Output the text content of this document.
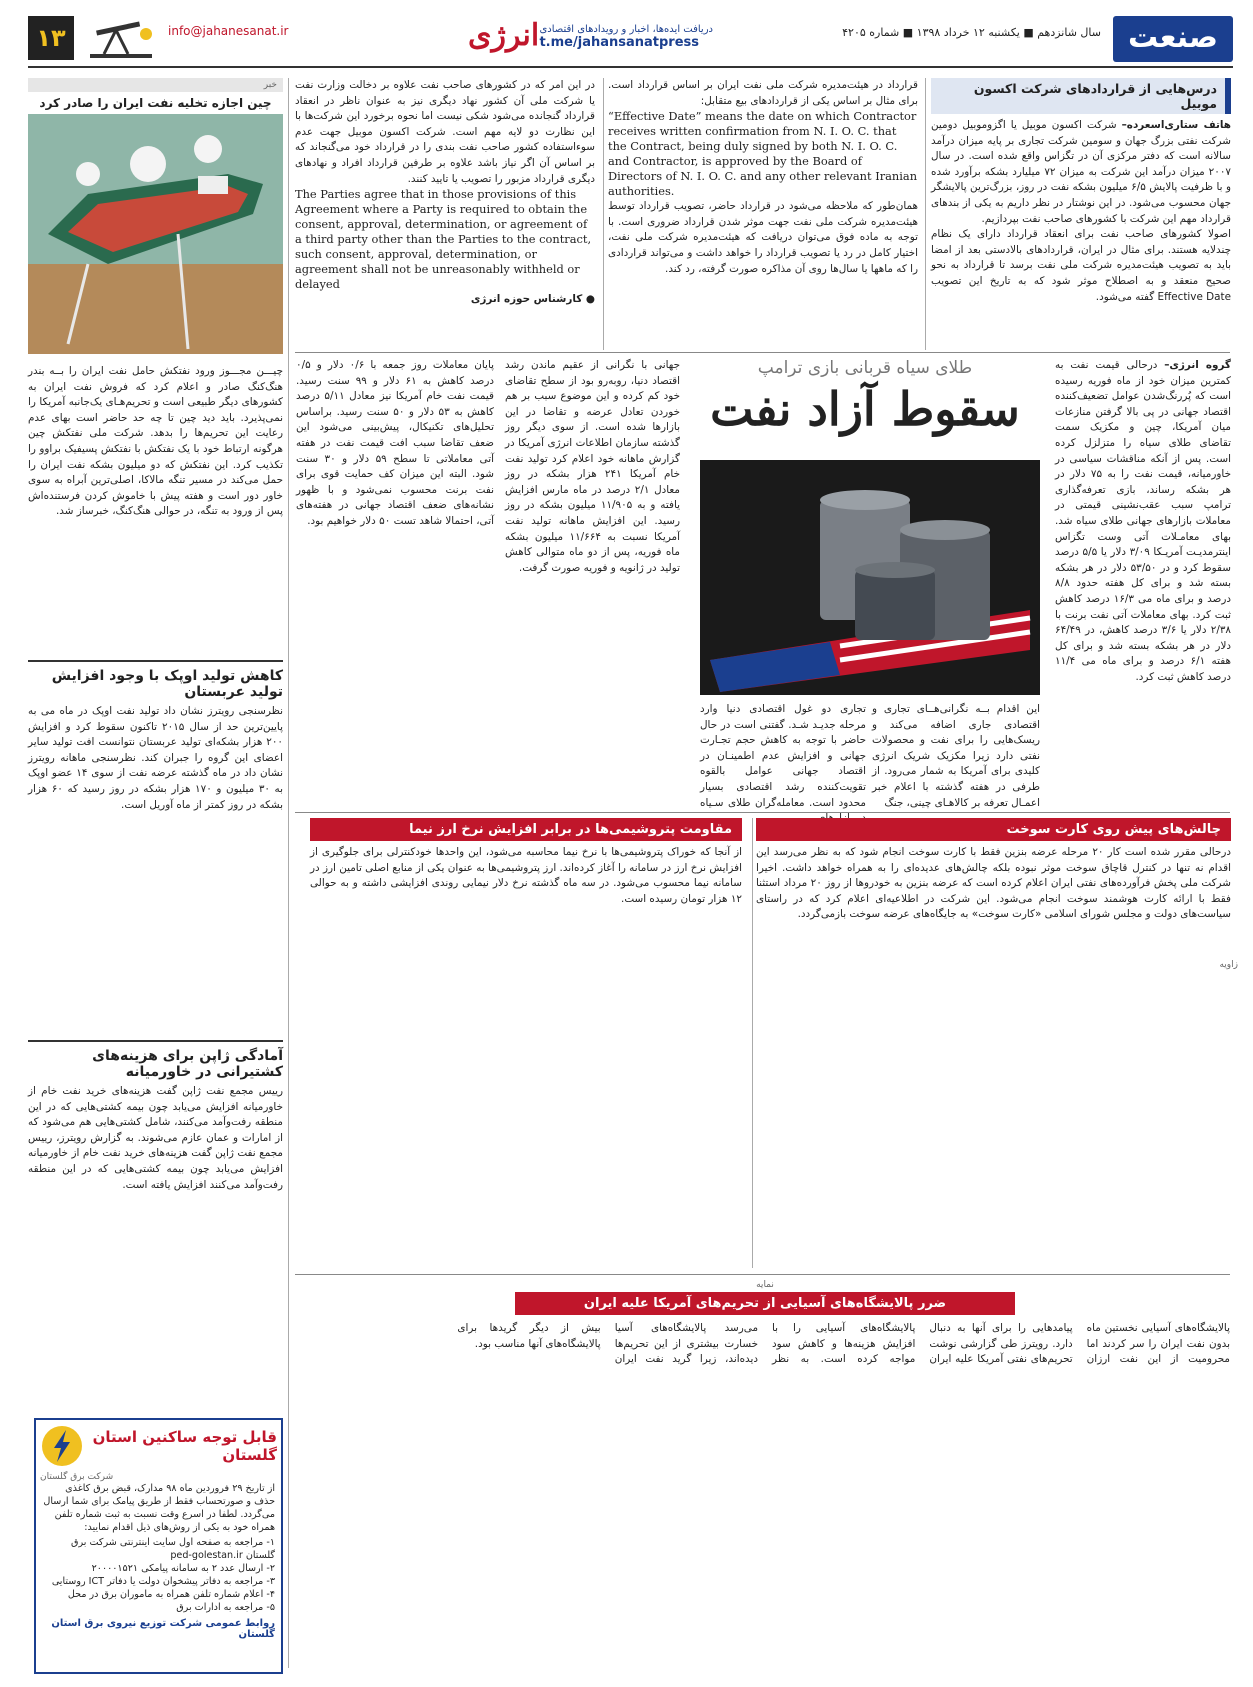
صنعت
سال شانزدهم ■ یکشنبه ۱۲ خرداد ۱۳۹۸ ■ شماره ۴۲۰۵
دریافت ایده‌ها، اخبار و رویدادهای اقتصادی
t.me/jahansanatpress
انرژی
info@jahanesanat.ir
۱۳
درس‌هایی از قراردادهای شرکت اکسون موبیل
هاتف ستاری‌اسعرده– شرکت اکسون موبیل یا اگزوموبیل دومین شرکت نفتی بزرگ جهان و سومین شرکت تجاری بر پایه میزان درآمد سالانه است که دفتر مرکزی آن در تگزاس واقع شده است. در سال ۲۰۰۷ میزان درآمد این شرکت به میزان ۷۲ میلیارد بشکه برآورد شده و با ظرفیت پالایش ۶/۵ میلیون بشکه نفت در روز، بزرگ‌ترین پالایشگر جهان محسوب می‌شود. در این نوشتار در نظر داریم به یکی از بندهای قرارداد مهم این شرکت با کشورهای صاحب نفت بپردازیم.
اصولا کشورهای صاحب نفت برای انعقاد قرارداد دارای یک نظام چندلایه هستند. برای مثال در ایران، قراردادهای بالادستی بعد از امضا باید به تصویب هیئت‌مدیره شرکت ملی نفت برسد تا قرارداد به نحو صحیح منعقد و به اصطلاح موثر شود که به تاریخ این تصویب Effective Date گفته می‌شود.
قرارداد در هیئت‌مدیره شرکت ملی نفت ایران بر اساس قرارداد است. برای مثال بر اساس یکی از قراردادهای بیع متقابل:
“Effective Date” means the date on which Contractor receives written confirmation from N. I. O. C. that the Contract, being duly signed by both N. I. O. C. and Contractor, is approved by the Board of Directors of N. I. O. C. and any other relevant Iranian authorities.
همان‌طور که ملاحظه می‌شود در قرارداد حاضر، تصویب قرارداد توسط هیئت‌مدیره شرکت ملی نفت جهت موثر شدن قرارداد ضروری است. با توجه به ماده فوق می‌توان دریافت که هیئت‌مدیره شرکت ملی نفت، اختیار کامل در رد یا تصویب قرارداد را خواهد داشت و می‌تواند قراردادی را که ماهها یا سال‌ها روی آن مذاکره صورت گرفته، رد کند.
در این امر که در کشورهای صاحب نفت علاوه بر دخالت وزارت نفت یا شرکت ملی آن کشور نهاد دیگری نیز به عنوان ناظر در انعقاد قرارداد گنجانده می‌شود شکی نیست اما نحوه برخورد این شرکت‌ها با این نظارت دو لایه مهم است. شرکت اکسون موبیل جهت عدم سوءاستفاده کشور صاحب نفت بندی را در قرارداد خود می‌گنجاند که بر اساس آن اگر نیاز باشد علاوه بر طرفین قرارداد افراد و نهادهای دیگری قرارداد مزبور را تصویب یا تایید کنند.
The Parties agree that in those provisions of this Agreement where a Party is required to obtain the consent, approval, determination, or agreement of a third party other than the Parties to the contract, such consent, approval, determination, or agreement shall not be unreasonably withheld or delayed
● کارشناس حوزه انرژی
خبر
چین اجازه تخلیه نفت ایران را صادر کرد
چیـــن مجـــوز ورود نفتکش حامل نفت ایران را بــه بندر هنگ‌کنگ صادر و اعلام کرد که فروش نفت ایران به کشورهای دیگر طبیعی است و تحریم‌هـای یک‌جانبه آمریکا را نمی‌پذیرد. باید دید چین تا چه حد حاضر است بهای عدم رعایت این تحریم‌ها را بدهد. شرکت ملی نفتکش چین هرگونه ارتباط خود با یک نفتکش با نفتکش پسیفیک براوو را تکذیب کرد. این نفتکش که دو میلیون بشکه نفت ایران را حمل می‌کند در مسیر تنگه مالاکا، اصلی‌ترین آبراه به سوی خاور دور است و هفته پیش با خاموش کردن فرستنده‌اش پس از ورود به تنگه، در حوالی هنگ‌کنگ، خبرساز شد.
کاهش تولید اوپک با وجود افزایش تولید عربستان
نظرسنجی رویترز نشان داد تولید نفت اوپک در ماه می به پایین‌ترین حد از سال ۲۰۱۵ تاکنون سقوط کرد و افزایش ۲۰۰ هزار بشکه‌ای تولید عربستان نتوانست افت تولید سایر اعضای این گروه را جبران کند. نظرسنجی ماهانه رویترز نشان داد در ماه گذشته عرضه نفت از سوی ۱۴ عضو اوپک به ۳۰ میلیون و ۱۷۰ هزار بشکه در روز رسید که ۶۰ هزار بشکه در روز کمتر از ماه آوریل است.
آمادگی ژاپن برای هزینه‌های کشتیرانی در خاورمیانه
رییس مجمع نفت ژاپن گفت هزینه‌های خرید نفت خام از خاورمیانه افزایش می‌یابد چون بیمه کشتی‌هایی که در این منطقه رفت‌وآمد می‌کنند، شامل کشتی‌هایی هم می‌شود که از امارات و عمان عازم می‌شوند. به گزارش رویترز، رییس مجمع نفت ژاپن گفت هزینه‌های خرید نفت خام از خاورمیانه افزایش می‌یابد چون بیمه کشتی‌هایی که در این منطقه رفت‌وآمد می‌کنند افزایش یافته است.
قابل توجه ساکنین استان گلستان
شرکت برق گلستان
از تاریخ ۲۹ فروردین ماه ۹۸ مدارک، قبض برق کاغذی حذف و صورتحساب فقط از طریق پیامک برای شما ارسال می‌گردد. لطفا در اسرع وقت نسبت به ثبت شماره تلفن همراه خود به یکی از روش‌های ذیل اقدام نمایید:
۱- مراجعه به صفحه اول سایت اینترنتی شرکت برق گلستان ped-golestan.ir
۲- ارسال عدد ۲ به سامانه پیامکی ۲۰۰۰۰۱۵۲۱
۳- مراجعه به دفاتر پیشخوان دولت یا دفاتر ICT روستایی
۴- اعلام شماره تلفن همراه به ماموران برق در محل
۵- مراجعه به ادارات برق
روابط عمومی شرکت توزیع نیروی برق استان گلستان
طلای سیاه قربانی بازی ترامپ
سقوط آزاد نفت
گروه انرژی– درحالی قیمت نفت به کمترین میزان خود از ماه فوریه رسیده است که پُررنگ‌شدن عوامل تضعیف‌کننده اقتصاد جهانی در پی بالا گرفتن منازعات میان آمریکا، چین و مکزیک سمت تقاضای طلای سیاه را متزلزل کرده است. پس از آنکه مناقشات سیاسی در خاورمیانه، قیمت نفت را به ۷۵ دلار در هر بشکه رساند، بازی تعرفه‌گذاری ترامپ سبب عقب‌نشینی قیمتی در معاملات بازارهای جهانی طلای سیاه شد. بهای معامـلات آتی وست تگزاس اینترمدیـت آمریـکا ۳/۰۹ دلار یا ۵/۵ درصد سقوط کرد و در ۵۳/۵۰ دلار در هر بشکه بسته شد و برای کل هفته حدود ۸/۸ درصد و برای ماه می ۱۶/۳ درصد کاهش ثبت کرد. بهای معاملات آتی نفت برنت با ۲/۳۸ دلار یا ۳/۶ درصد کاهش، در ۶۴/۴۹ دلار در هر بشکه بسته شد و برای کل هفته ۶/۱ درصد و برای ماه می ۱۱/۴ درصد کاهش ثبت کرد.
جهانی با نگرانی از عقیم ماندن رشد اقتصاد دنیا، روبه‌رو بود از سطح تقاضای خود کم کرده و این موضوع سبب بر هم خوردن تعادل عرضه و تقاضا در این بازارها شده است. از سوی دیگر روز گذشته سازمان اطلاعات انرژی آمریکا در گزارش ماهانه خود اعلام کرد تولید نفت خام آمریکا ۲۴۱ هزار بشکه در روز معادل ۲/۱ درصد در ماه مارس افزایش یافته و به ۱۱/۹۰۵ میلیون بشکه در روز رسید. این افزایش ماهانه تولید نفت آمریکا نسبت به ۱۱/۶۶۴ میلیون بشکه ماه فوریه، پس از دو ماه متوالی کاهش تولید در ژانویه و فوریه صورت گرفت.
پایان معاملات روز جمعه با ۰/۶ دلار و ۰/۵ درصد کاهش به ۶۱ دلار و ۹۹ سنت رسید. قیمت نفت خام آمریکا نیز معادل ۵/۱۱ درصد کاهش به ۵۳ دلار و ۵۰ سنت رسید. براساس تحلیل‌های تکنیکال، پیش‌بینی می‌شود این ضعف تقاضا سبب افت قیمت نفت در هفته آتی معاملاتی تا سطح ۵۹ دلار و ۳۰ سنت شود. البته این میزان کف حمایت قوی برای نفت برنت محسوب نمی‌شود و با ظهور نشانه‌های ضعف اقتصاد جهانی در هفته‌های آتی، احتمالا شاهد تست ۵۰ دلار خواهیم بود.
این اقدام بــه نگرانی‌هــای تجاری و اقتصادی جاری اضافه می‌کند و ریسک‌هایی را برای نفت و محصولات نفتی دارد زیرا مکزیک شریک انرژی کلیدی برای آمریکا به شمار می‌رود. از طرفی در هفته گذشته با اعلام خبر اعمـال تعرفه بر کالاهـای چینی، جنگ
تجاری دو غول اقتصادی دنیا وارد مرحله جدیـد شـد. گفتنی است در حال حاضر با توجه به کاهش حجم تجـارت جهانی و افزایش عدم اطمینـان در اقتصاد جهانی عوامل بالقوه تقویت‌کننده رشد اقتصادی بسیار محدود است. معامله‌گران طلای سـیاه
چالش‌های پیش روی کارت سوخت
درحالی مقرر شده است کار ۲۰ مرحله عرضه بنزین فقط با کارت سوخت انجام شود که به نظر می‌رسد این اقدام نه تنها در کنترل قاچاق سوخت موثر نبوده بلکه چالش‌های عدیده‌ای را به همراه خواهد داشت. اخیرا شرکت ملی پخش فرآورده‌های نفتی ایران اعلام کرده است که عرضه بنزین به خودروها از روز ۲۰ مرداد استثنا فقط با ارائه کارت هوشمند سوخت انجام می‌شود. این شرکت در اطلاعیه‌ای اعلام کرد که در راستای سیاست‌های دولت و مجلس شورای اسلامی «کارت سوخت» به جایگاه‌های عرضه سوخت بازمی‌گردد.
زاویه
مقاومت پتروشیمی‌ها در برابر افزایش نرخ ارز نیما
از آنجا که خوراک پتروشیمی‌ها با نرخ نیما محاسبه می‌شود، این واحدها خودکنترلی برای جلوگیری از افزایش نرخ ارز در سامانه را آغاز کرده‌اند. ارز پتروشیمی‌ها به عنوان یکی از منابع اصلی تامین ارز در سامانه نیما محسوب می‌شود. در سه ماه گذشته نرخ دلار نیمایی روندی افزایشی داشته و به حوالی ۱۲ هزار تومان رسیده است.
نمایه
ضرر پالایشگاه‌های آسیایی از تحریم‌های آمریکا علیه ایران
پالایشگاه‌های آسیایی نخستین ماه بدون نفت ایران را سر کردند اما محرومیت از این نفت ارزان پیامدهایی را برای آنها به دنبال دارد. رویترز طی گزارشی نوشت تحریم‌های نفتی آمریکا علیه ایران پالایشگاه‌های آسیایی را با افزایش هزینه‌ها و کاهش سود مواجه کرده است. به نظر می‌رسد پالایشگاه‌های آسیا خسارت بیشتری از این تحریم‌ها دیده‌اند، زیرا گرید نفت ایران بیش از دیگر گریدها برای پالایشگاه‌های آنها مناسب بود.
